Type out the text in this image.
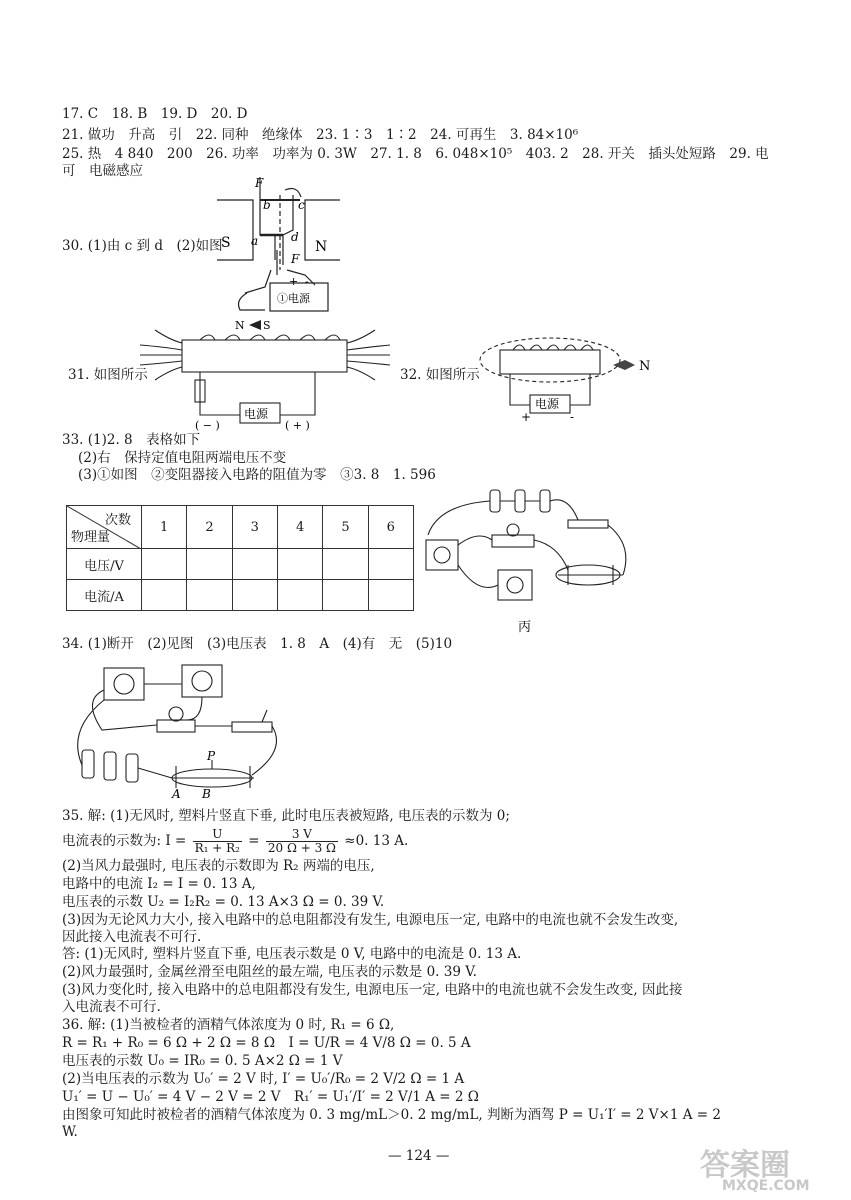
17. C　18. B　19. D　20. D
21. 做功　升高　引　22. 同种　绝缘体　23. 1∶3　1∶2　24. 可再生　3. 84×10⁶
25. 热　4 840　200　26. 功率　功率为 0. 3W　27. 1. 8　6. 048×10⁵　403. 2　28. 开关　插头处短路　29. 电
可　电磁感应
30. (1)由 c 到 d　(2)如图
F
b c
a	d
S	N
F
+ -
①电源
N S
电源
( − )	( + )
31. 如图所示	32. 如图所示
N
电源
+	-
33. (1)2. 8　表格如下
(2)右　保持定值电阻两端电压不变
(3)①如图　②变阻器接入电路的阻值为零　③3. 8　1. 596
次数
物理量	1	2	3	4	5	6
电压/V						
电流/A						
丙
34. (1)断开　(2)见图　(3)电压表　1. 8　A　(4)有　无　(5)10
P
A B
35. 解: (1)无风时, 塑料片竖直下垂, 此时电压表被短路, 电压表的示数为 0;
电流表的示数为: $I = \frac{U}{\text{R₁ + R₂}} = \frac{3 V}{20 \Omega + 3 \Omega} \approx 0$. 13 A.
(2)当风力最强时, 电压表的示数即为 R₂ 两端的电压,
电路中的电流 I₂ = I = 0. 13 A,
电压表的示数 U₂ = I₂R₂ = 0. 13 A×3 Ω = 0. 39 V.
(3)因为无论风力大小, 接入电路中的总电阻都没有发生, 电源电压一定, 电路中的电流也就不会发生改变,
因此接入电流表不可行.
答: (1)无风时, 塑料片竖直下垂, 电压表示数是 0 V, 电路中的电流是 0. 13 A.
(2)风力最强时, 金属丝滑至电阻丝的最左端, 电压表的示数是 0. 39 V.
(3)风力变化时, 接入电路中的总电阻都没有发生, 电源电压一定, 电路中的电流也就不会发生改变, 因此接
入电流表不可行.
36. 解: (1)当被检者的酒精气体浓度为 0 时, R₁ = 6 Ω,
R = R₁ + R₀ = 6 Ω + 2 Ω = 8 Ω　I = U/R = 4 V/8 Ω = 0. 5 A
电压表的示数 U₀ = IR₀ = 0. 5 A×2 Ω = 1 V
(2)当电压表的示数为 U₀′ = 2 V 时, I′ = U₀′/R₀ = 2 V/2 Ω = 1 A
U₁′ = U − U₀′ = 4 V − 2 V = 2 V　R₁′ = U₁′/I′ = 2 V/1 A = 2 Ω
由图象可知此时被检者的酒精气体浓度为 0. 3 mg/mL＞0. 2 mg/mL, 判断为酒驾 P = U₁′I′ = 2 V×1 A = 2
W.
— 124 —	答案圈
MXQE.COM
